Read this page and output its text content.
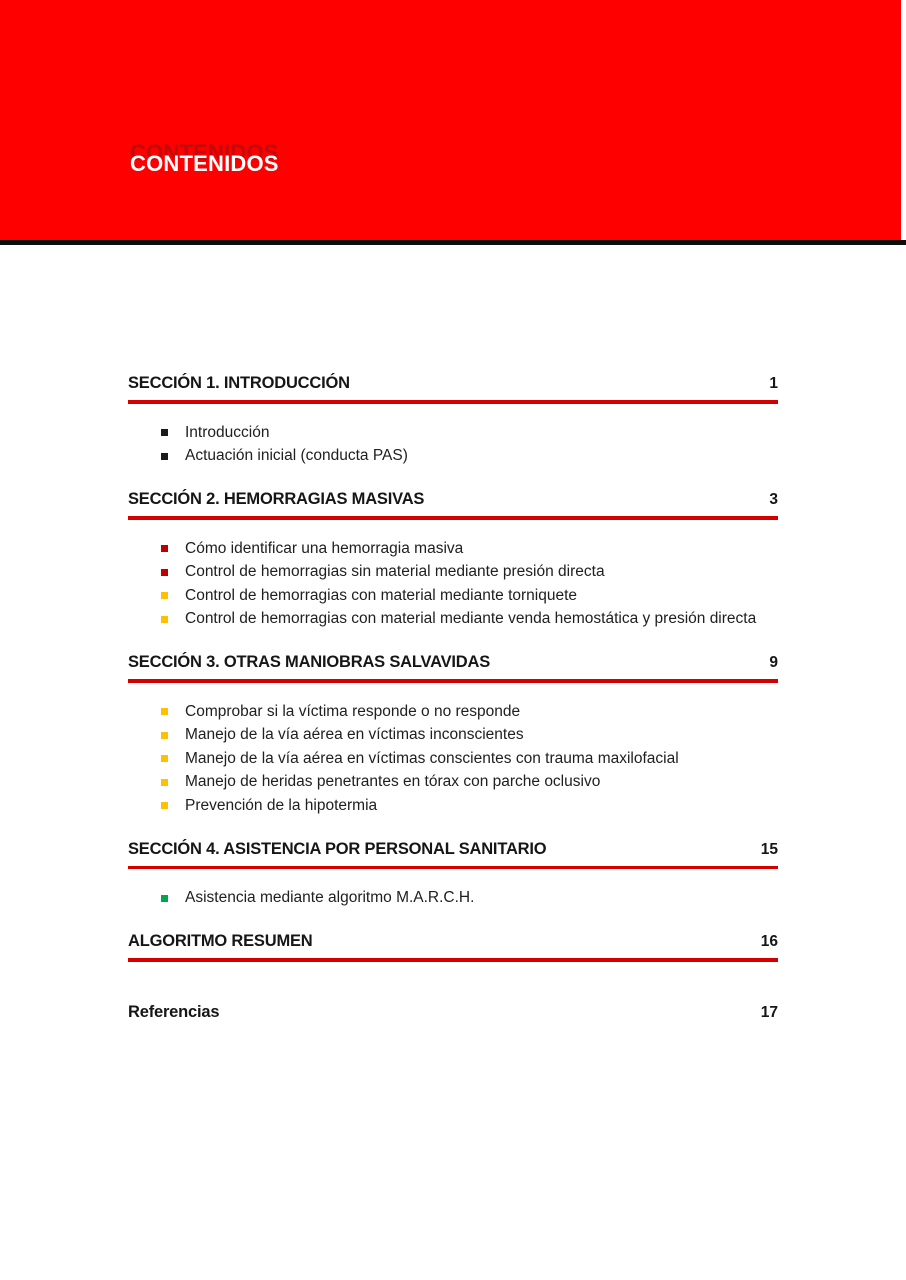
CONTENIDOS
SECCIÓN 1. INTRODUCCIÓN	1
Introducción
Actuación inicial (conducta PAS)
SECCIÓN 2. HEMORRAGIAS MASIVAS	3
Cómo identificar una hemorragia masiva
Control de hemorragias sin material mediante presión directa
Control de hemorragias con material mediante torniquete
Control de hemorragias con material mediante venda hemostática y presión directa
SECCIÓN 3. OTRAS MANIOBRAS SALVAVIDAS	9
Comprobar si la víctima responde o no responde
Manejo de la vía aérea en víctimas inconscientes
Manejo de la vía aérea en víctimas conscientes con trauma maxilofacial
Manejo de heridas penetrantes en tórax con parche oclusivo
Prevención de la hipotermia
SECCIÓN 4. ASISTENCIA POR PERSONAL SANITARIO	15
Asistencia mediante algoritmo M.A.R.C.H.
ALGORITMO RESUMEN	16
Referencias	17
